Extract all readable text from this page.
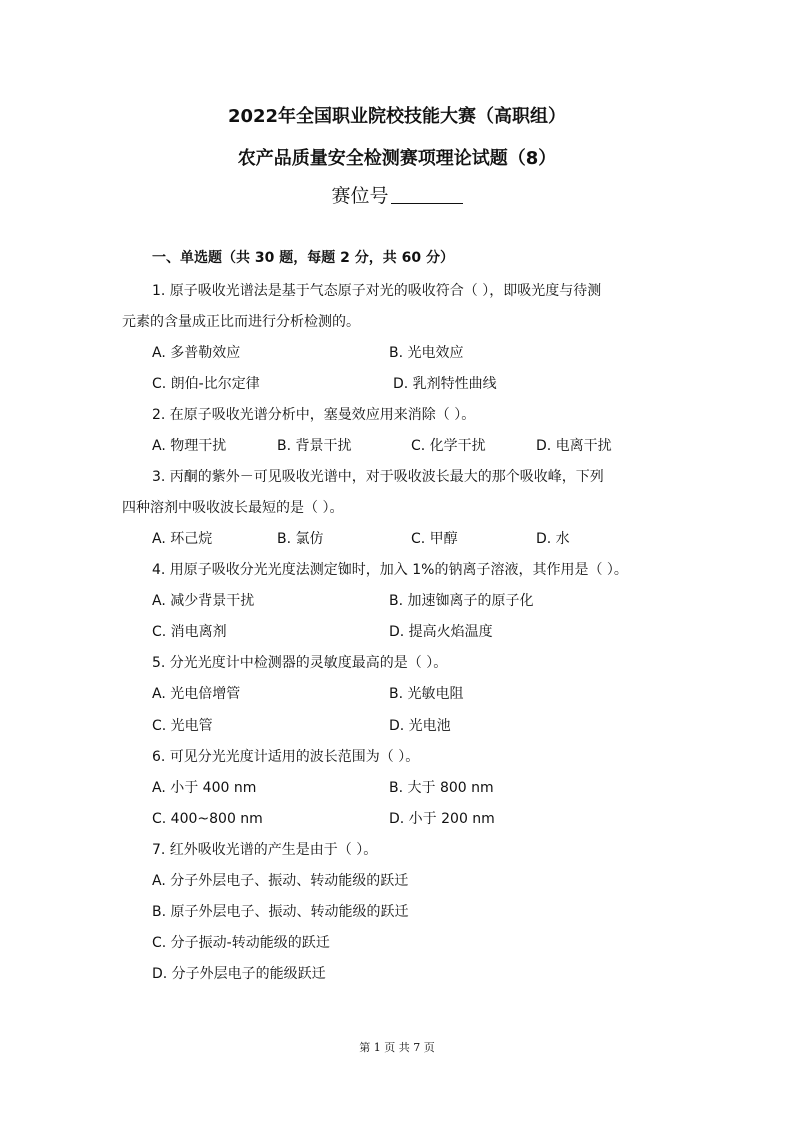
2022年全国职业院校技能大赛（高职组）
农产品质量安全检测赛项理论试题（8）
赛位号
一、单选题（共 30 题，每题 2 分，共 60 分）
1. 原子吸收光谱法是基于气态原子对光的吸收符合（ ），即吸光度与待测
元素的含量成正比而进行分析检测的。
A. 多普勒效应	B. 光电效应
C. 朗伯-比尔定律	D. 乳剂特性曲线
2. 在原子吸收光谱分析中，塞曼效应用来消除（ ）。
A. 物理干扰	B. 背景干扰	C. 化学干扰	D. 电离干扰
3. 丙酮的紫外－可见吸收光谱中，对于吸收波长最大的那个吸收峰，下列
四种溶剂中吸收波长最短的是（ ）。
A. 环己烷	B. 氯仿	C. 甲醇	D. 水
4. 用原子吸收分光光度法测定铷时，加入 1%的钠离子溶液，其作用是（ ）。
A. 减少背景干扰	B. 加速铷离子的原子化
C. 消电离剂	D. 提高火焰温度
5. 分光光度计中检测器的灵敏度最高的是（ ）。
A. 光电倍增管	B. 光敏电阻
C. 光电管	D. 光电池
6. 可见分光光度计适用的波长范围为（ ）。
A. 小于 400 nm	B. 大于 800 nm
C. 400~800 nm	D. 小于 200 nm
7. 红外吸收光谱的产生是由于（ ）。
A. 分子外层电子、振动、转动能级的跃迁
B. 原子外层电子、振动、转动能级的跃迁
C. 分子振动-转动能级的跃迁
D. 分子外层电子的能级跃迁
第 1 页 共 7 页
